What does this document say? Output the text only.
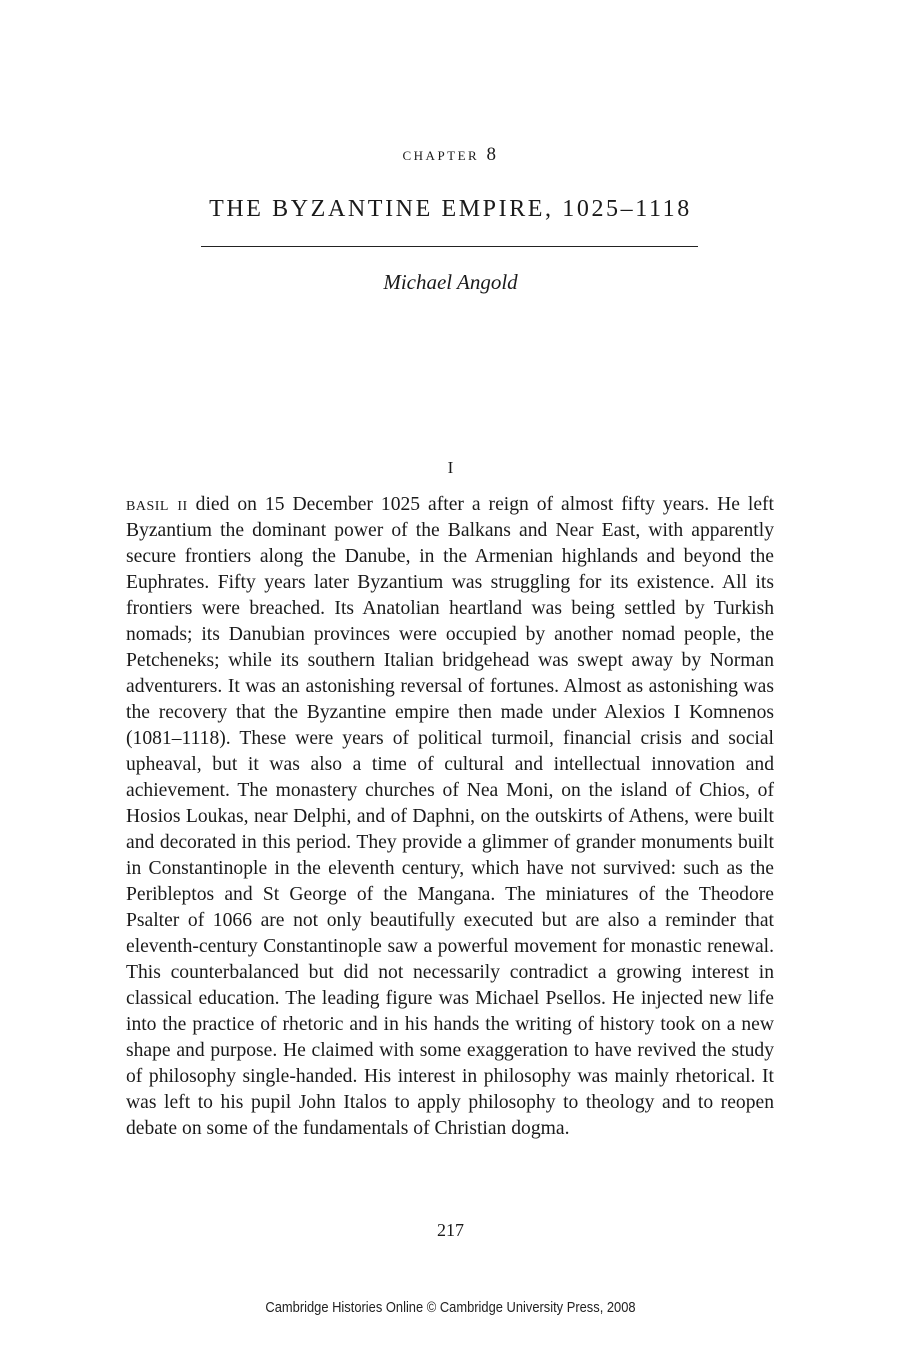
chapter 8
THE BYZANTINE EMPIRE, 1025–1118
Michael Angold
I

basil ii died on 15 December 1025 after a reign of almost fifty years. He left Byzantium the dominant power of the Balkans and Near East, with apparently secure frontiers along the Danube, in the Armenian highlands and beyond the Euphrates. Fifty years later Byzantium was struggling for its existence. All its frontiers were breached. Its Anatolian heartland was being settled by Turkish nomads; its Danubian provinces were occupied by another nomad people, the Petcheneks; while its southern Italian bridgehead was swept away by Norman adventurers. It was an astonishing reversal of fortunes. Almost as astonishing was the recovery that the Byzantine empire then made under Alexios I Komnenos (1081–1118). These were years of political turmoil, financial crisis and social upheaval, but it was also a time of cultural and intellectual innovation and achievement. The monastery churches of Nea Moni, on the island of Chios, of Hosios Loukas, near Delphi, and of Daphni, on the outskirts of Athens, were built and decorated in this period. They provide a glimmer of grander monuments built in Constantinople in the eleventh century, which have not survived: such as the Peribleptos and St George of the Mangana. The miniatures of the Theodore Psalter of 1066 are not only beautifully executed but are also a reminder that eleventh-century Constantinople saw a powerful movement for monastic renewal. This counterbalanced but did not necessarily contradict a growing interest in classical education. The leading figure was Michael Psellos. He injected new life into the practice of rhetoric and in his hands the writing of history took on a new shape and purpose. He claimed with some exaggeration to have revived the study of philosophy single-handed. His interest in philosophy was mainly rhetorical. It was left to his pupil John Italos to apply philosophy to theology and to reopen debate on some of the fundamentals of Christian dogma.

217
Cambridge Histories Online © Cambridge University Press, 2008
